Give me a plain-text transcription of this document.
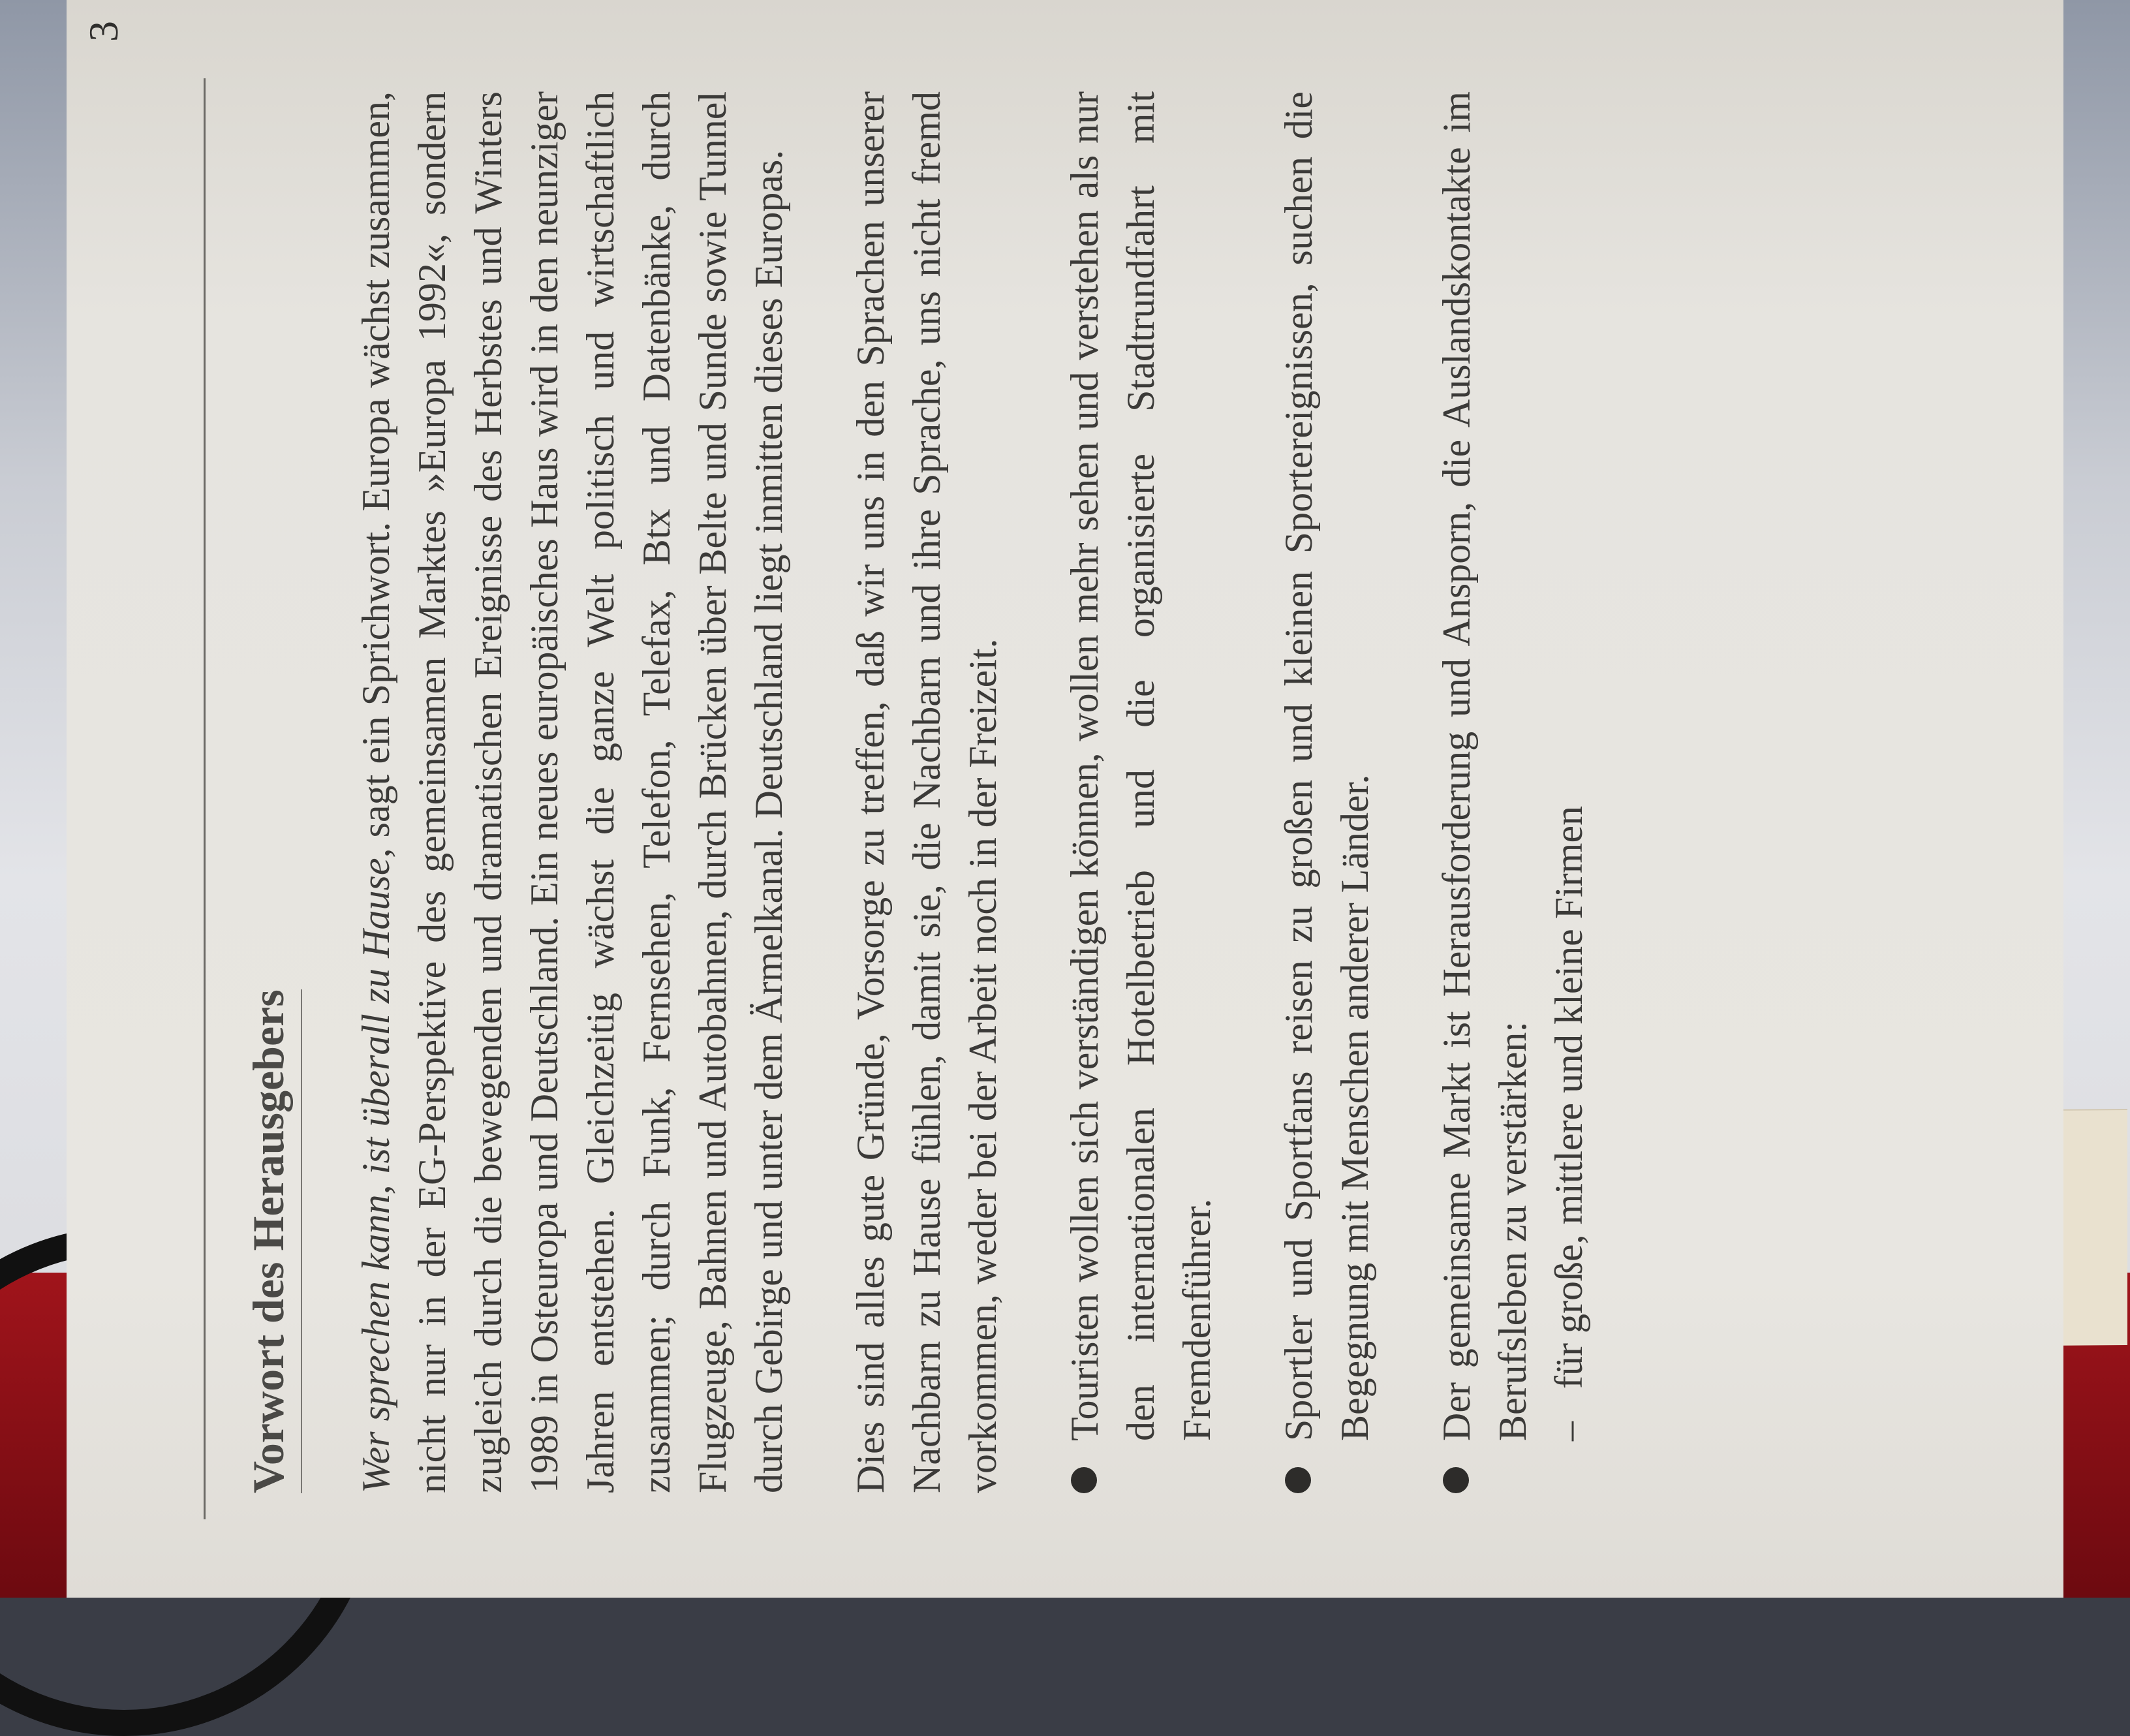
3
Vorwort des Herausgebers Wer sprechen kann, ist überall zu Hause, sagt ein Sprichwort. Europa wächst zusammen, nicht nur in der EG-Perspektive des gemeinsamen Marktes »Europa 1992«, sondern zugleich durch die bewegenden und dramatischen Ereignisse des Herbstes und Winters 1989 in Osteuropa und Deutschland. Ein neues europäisches Haus wird in den neunziger Jahren entstehen. Gleichzeitig wächst die ganze Welt politisch und wirtschaftlich zusammen; durch Funk, Fernsehen, Telefon, Telefax, Btx und Datenbänke, durch Flugzeuge, Bahnen und Autobahnen, durch Brücken über Belte und Sunde sowie Tunnel durch Gebirge und unter dem Ärmelkanal. Deutschland liegt inmitten dieses Europas. Dies sind alles gute Gründe, Vorsorge zu treffen, daß wir uns in den Sprachen unserer Nachbarn zu Hause fühlen, damit sie, die Nachbarn und ihre Sprache, uns nicht fremd vorkommen, weder bei der Arbeit noch in der Freizeit. Touristen wollen sich verständigen können, wollen mehr sehen und verstehen als nur den internationalen Hotelbetrieb und die organisierte Stadtrundfahrt mit Fremdenführer. Sportler und Sportfans reisen zu großen und kleinen Sportereignissen, suchen die Begegnung mit Menschen anderer Länder. Der gemeinsame Markt ist Herausforderung und Ansporn, die Auslandskontakte im Berufsleben zu verstärken: –
für große, mittlere und kleine Firmen
